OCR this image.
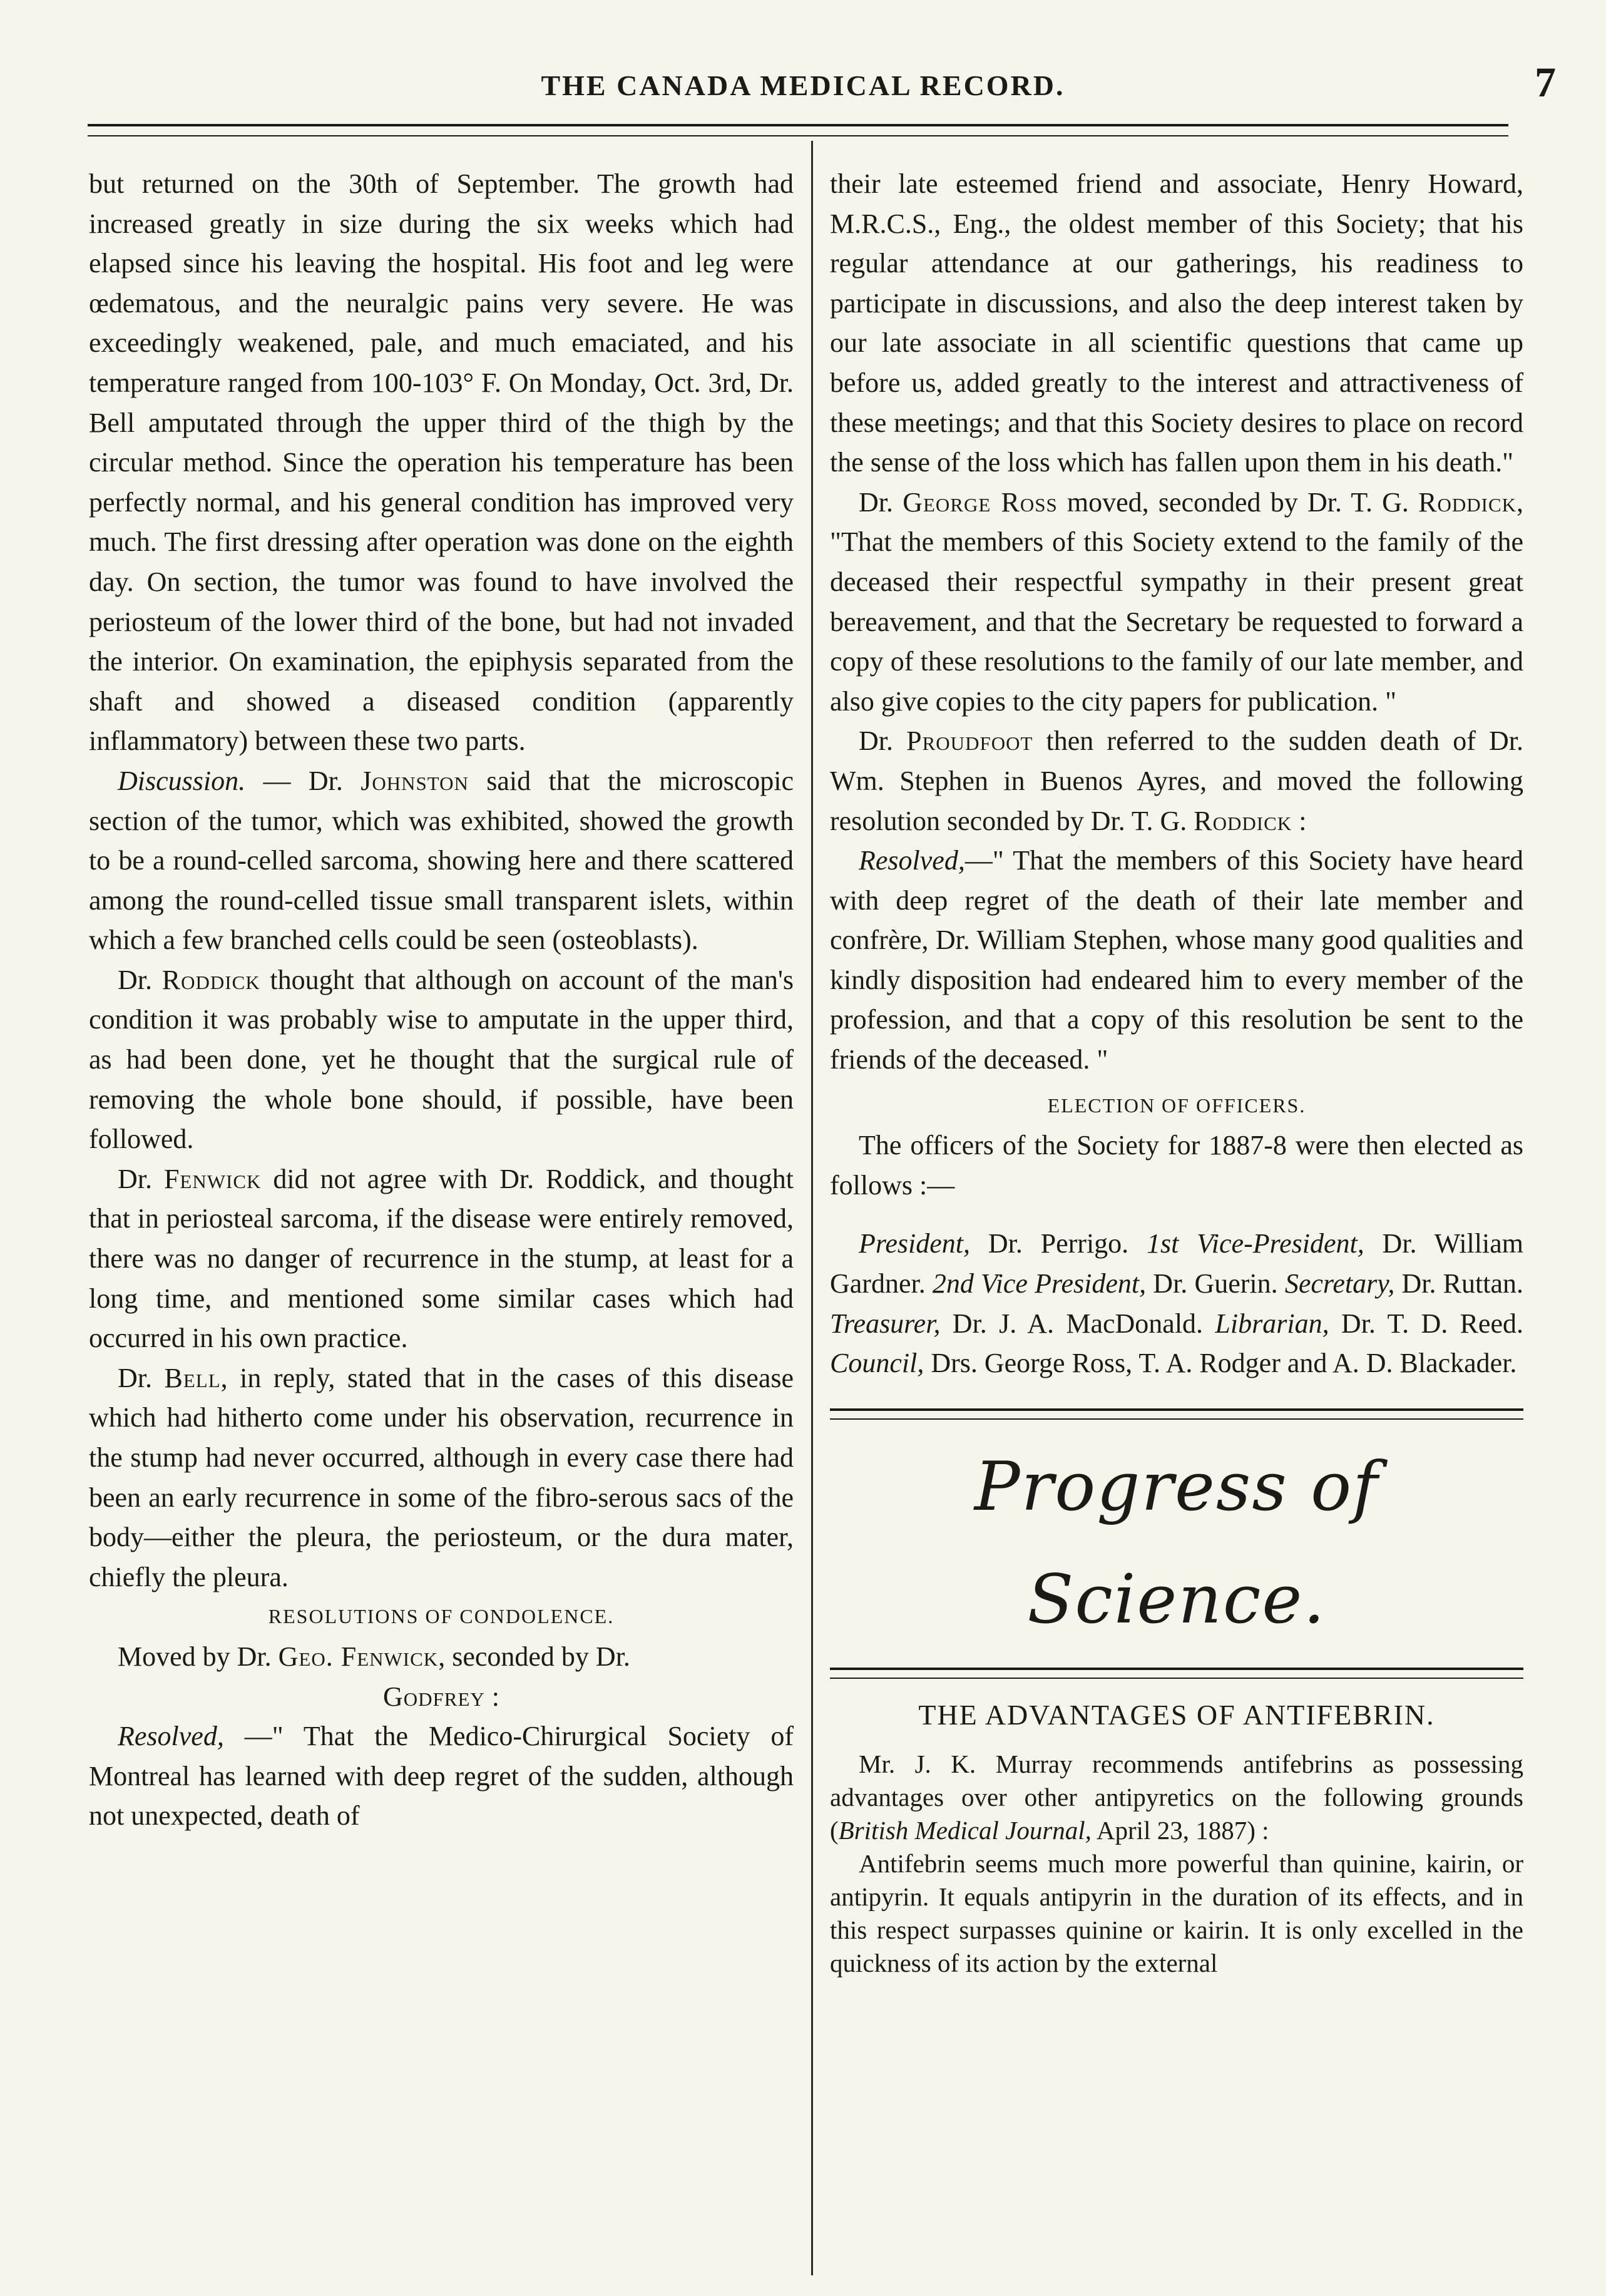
THE CANADA MEDICAL RECORD.	7

but returned on the 30th of September. The growth had increased greatly in size during the six weeks which had elapsed since his leaving the hospital. His foot and leg were œdematous, and the neuralgic pains very severe. He was exceedingly weakened, pale, and much emaciated, and his temperature ranged from 100-103° F. On Monday, Oct. 3rd, Dr. Bell amputated through the upper third of the thigh by the circular method. Since the operation his temperature has been perfectly normal, and his general condition has improved very much. The first dressing after operation was done on the eighth day. On section, the tumor was found to have involved the periosteum of the lower third of the bone, but had not invaded the interior. On examination, the epiphysis separated from the shaft and showed a diseased condition (apparently inflammatory) between these two parts.

Discussion. — Dr. Johnston said that the microscopic section of the tumor, which was exhibited, showed the growth to be a round-celled sarcoma, showing here and there scattered among the round-celled tissue small transparent islets, within which a few branched cells could be seen (osteoblasts).

Dr. Roddick thought that although on account of the man's condition it was probably wise to amputate in the upper third, as had been done, yet he thought that the surgical rule of removing the whole bone should, if possible, have been followed.

Dr. Fenwick did not agree with Dr. Roddick, and thought that in periosteal sarcoma, if the disease were entirely removed, there was no danger of recurrence in the stump, at least for a long time, and mentioned some similar cases which had occurred in his own practice.

Dr. Bell, in reply, stated that in the cases of this disease which had hitherto come under his observation, recurrence in the stump had never occurred, although in every case there had been an early recurrence in some of the fibro-serous sacs of the body—either the pleura, the periosteum, or the dura mater, chiefly the pleura.

RESOLUTIONS OF CONDOLENCE.

Moved by Dr. Geo. Fenwick, seconded by Dr.

Godfrey :

Resolved, —" That the Medico-Chirurgical Society of Montreal has learned with deep regret of the sudden, although not unexpected, death of

their late esteemed friend and associate, Henry Howard, M.R.C.S., Eng., the oldest member of this Society; that his regular attendance at our gatherings, his readiness to participate in discussions, and also the deep interest taken by our late associate in all scientific questions that came up before us, added greatly to the interest and attractiveness of these meetings; and that this Society desires to place on record the sense of the loss which has fallen upon them in his death."

Dr. George Ross moved, seconded by Dr. T. G. Roddick, "That the members of this Society extend to the family of the deceased their respectful sympathy in their present great bereavement, and that the Secretary be requested to forward a copy of these resolutions to the family of our late member, and also give copies to the city papers for publication. "

Dr. Proudfoot then referred to the sudden death of Dr. Wm. Stephen in Buenos Ayres, and moved the following resolution seconded by Dr. T. G. Roddick :

Resolved,—" That the members of this Society have heard with deep regret of the death of their late member and confrère, Dr. William Stephen, whose many good qualities and kindly disposition had endeared him to every member of the profession, and that a copy of this resolution be sent to the friends of the deceased. "

ELECTION OF OFFICERS.

The officers of the Society for 1887-8 were then elected as follows :—

President, Dr. Perrigo. 1st Vice-President, Dr. William Gardner. 2nd Vice President, Dr. Guerin. Secretary, Dr. Ruttan. Treasurer, Dr. J. A. MacDonald. Librarian, Dr. T. D. Reed. Council, Drs. George Ross, T. A. Rodger and A. D. Blackader.

Progress of Science.
THE ADVANTAGES OF ANTIFEBRIN.

Mr. J. K. Murray recommends antifebrins as possessing advantages over other antipyretics on the following grounds (British Medical Journal, April 23, 1887) :

Antifebrin seems much more powerful than quinine, kairin, or antipyrin. It equals antipyrin in the duration of its effects, and in this respect surpasses quinine or kairin. It is only excelled in the quickness of its action by the external
